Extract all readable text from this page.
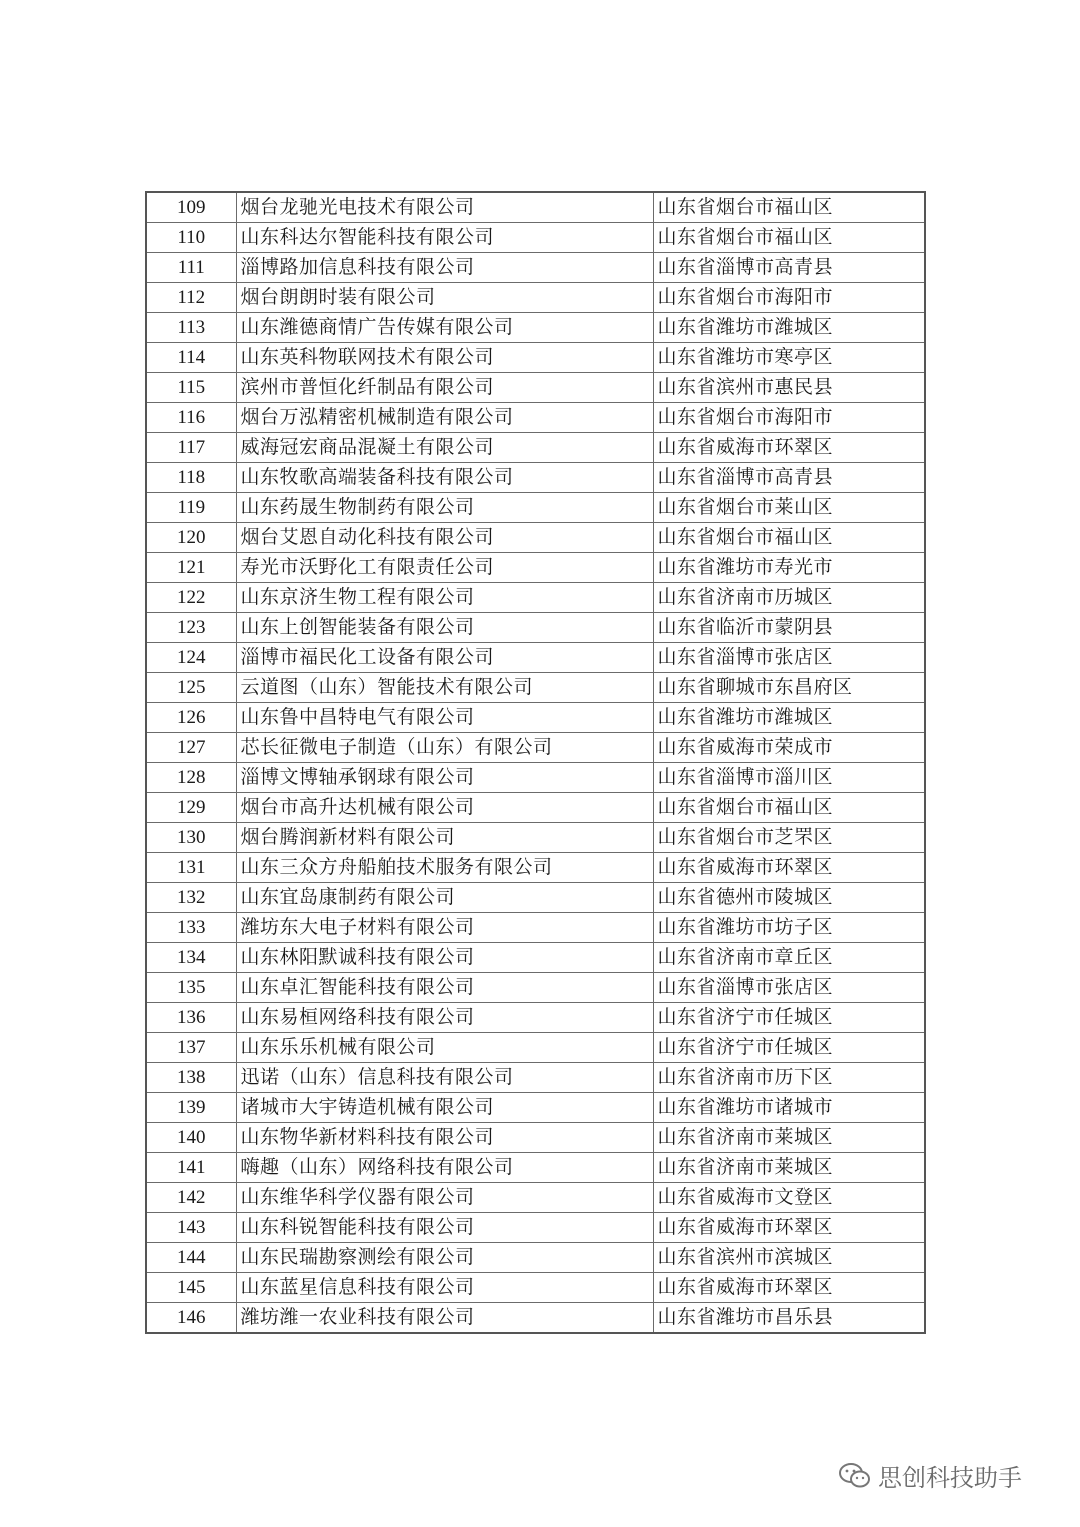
109	烟台龙驰光电技术有限公司	山东省烟台市福山区
110	山东科达尔智能科技有限公司	山东省烟台市福山区
111	淄博路加信息科技有限公司	山东省淄博市高青县
112	烟台朗朗时装有限公司	山东省烟台市海阳市
113	山东潍德商情广告传媒有限公司	山东省潍坊市潍城区
114	山东英科物联网技术有限公司	山东省潍坊市寒亭区
115	滨州市普恒化纤制品有限公司	山东省滨州市惠民县
116	烟台万泓精密机械制造有限公司	山东省烟台市海阳市
117	威海冠宏商品混凝土有限公司	山东省威海市环翠区
118	山东牧歌高端装备科技有限公司	山东省淄博市高青县
119	山东药晟生物制药有限公司	山东省烟台市莱山区
120	烟台艾恩自动化科技有限公司	山东省烟台市福山区
121	寿光市沃野化工有限责任公司	山东省潍坊市寿光市
122	山东京济生物工程有限公司	山东省济南市历城区
123	山东上创智能装备有限公司	山东省临沂市蒙阴县
124	淄博市福民化工设备有限公司	山东省淄博市张店区
125	云道图（山东）智能技术有限公司	山东省聊城市东昌府区
126	山东鲁中昌特电气有限公司	山东省潍坊市潍城区
127	芯长征微电子制造（山东）有限公司	山东省威海市荣成市
128	淄博文博轴承钢球有限公司	山东省淄博市淄川区
129	烟台市高升达机械有限公司	山东省烟台市福山区
130	烟台腾润新材料有限公司	山东省烟台市芝罘区
131	山东三众方舟船舶技术服务有限公司	山东省威海市环翠区
132	山东宜岛康制药有限公司	山东省德州市陵城区
133	潍坊东大电子材料有限公司	山东省潍坊市坊子区
134	山东林阳默诚科技有限公司	山东省济南市章丘区
135	山东卓汇智能科技有限公司	山东省淄博市张店区
136	山东易桓网络科技有限公司	山东省济宁市任城区
137	山东乐乐机械有限公司	山东省济宁市任城区
138	迅诺（山东）信息科技有限公司	山东省济南市历下区
139	诸城市大宇铸造机械有限公司	山东省潍坊市诸城市
140	山东物华新材料科技有限公司	山东省济南市莱城区
141	嗨趣（山东）网络科技有限公司	山东省济南市莱城区
142	山东维华科学仪器有限公司	山东省威海市文登区
143	山东科锐智能科技有限公司	山东省威海市环翠区
144	山东民瑞勘察测绘有限公司	山东省滨州市滨城区
145	山东蓝星信息科技有限公司	山东省威海市环翠区
146	潍坊潍一农业科技有限公司	山东省潍坊市昌乐县
思创科技助手
